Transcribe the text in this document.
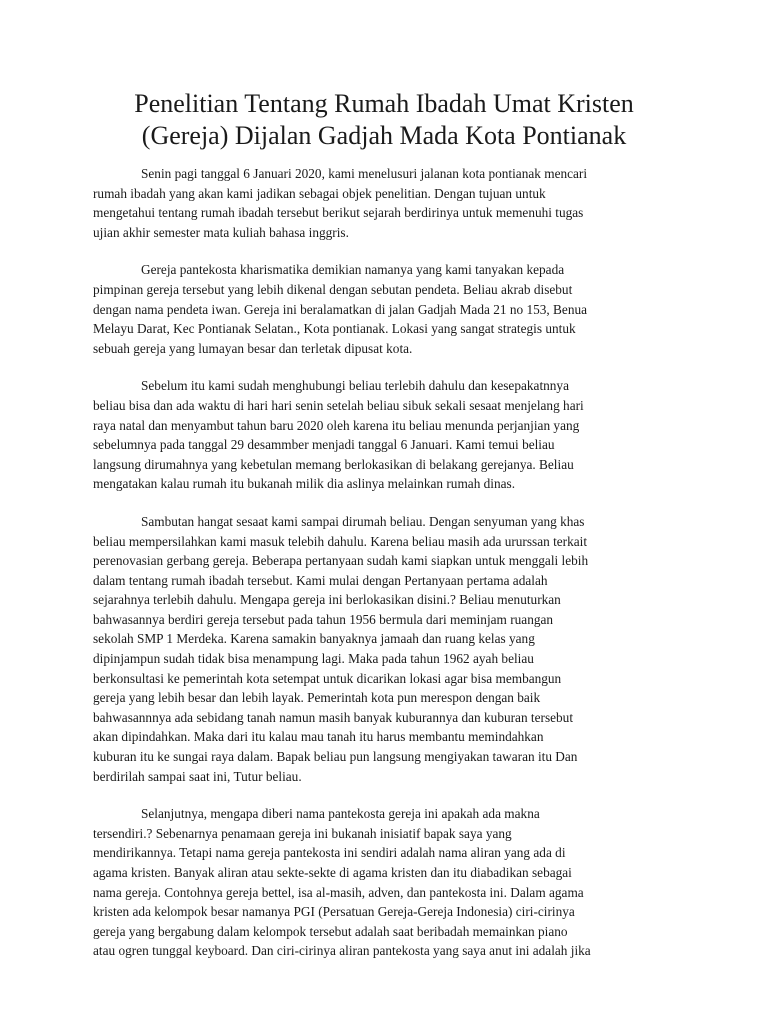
Penelitian Tentang Rumah Ibadah Umat Kristen
(Gereja) Dijalan Gadjah Mada Kota Pontianak

Senin pagi tanggal 6 Januari 2020, kami menelusuri jalanan kota pontianak mencari
rumah ibadah yang akan kami jadikan sebagai objek penelitian. Dengan tujuan untuk
mengetahui tentang rumah ibadah tersebut berikut sejarah berdirinya untuk memenuhi tugas
ujian akhir semester mata kuliah bahasa inggris.

Gereja pantekosta kharismatika demikian namanya yang kami tanyakan kepada
pimpinan gereja tersebut yang lebih dikenal dengan sebutan pendeta. Beliau akrab disebut
dengan nama pendeta iwan. Gereja ini beralamatkan di jalan Gadjah Mada 21 no 153, Benua
Melayu Darat, Kec Pontianak Selatan., Kota pontianak. Lokasi yang sangat strategis untuk
sebuah gereja yang lumayan besar dan terletak dipusat kota.

Sebelum itu kami sudah menghubungi beliau terlebih dahulu dan kesepakatnnya
beliau bisa dan ada waktu di hari hari senin setelah beliau sibuk sekali sesaat menjelang hari
raya natal dan menyambut tahun baru 2020 oleh karena itu beliau menunda perjanjian yang
sebelumnya pada tanggal 29 desammber menjadi tanggal 6 Januari. Kami temui beliau
langsung dirumahnya yang kebetulan memang berlokasikan di belakang gerejanya. Beliau
mengatakan kalau rumah itu bukanah milik dia aslinya melainkan rumah dinas.

Sambutan hangat sesaat kami sampai dirumah beliau. Dengan senyuman yang khas
beliau mempersilahkan kami masuk telebih dahulu. Karena beliau masih ada ururssan terkait
perenovasian gerbang gereja. Beberapa pertanyaan sudah kami siapkan untuk menggali lebih
dalam tentang rumah ibadah tersebut. Kami mulai dengan Pertanyaan pertama adalah
sejarahnya terlebih dahulu. Mengapa gereja ini berlokasikan disini.? Beliau menuturkan
bahwasannya berdiri gereja tersebut pada tahun 1956 bermula dari meminjam ruangan
sekolah SMP 1 Merdeka. Karena samakin banyaknya jamaah dan ruang kelas yang
dipinjampun sudah tidak bisa menampung lagi. Maka pada tahun 1962 ayah beliau
berkonsultasi ke pemerintah kota setempat untuk dicarikan lokasi agar bisa membangun
gereja yang lebih besar dan lebih layak. Pemerintah kota pun merespon dengan baik
bahwasannnya ada sebidang tanah namun masih banyak kuburannya dan kuburan tersebut
akan dipindahkan. Maka dari itu kalau mau tanah itu harus membantu memindahkan
kuburan itu ke sungai raya dalam. Bapak beliau pun langsung mengiyakan tawaran itu Dan
berdirilah sampai saat ini, Tutur beliau.

Selanjutnya, mengapa diberi nama pantekosta gereja ini apakah ada makna
tersendiri.? Sebenarnya penamaan gereja ini bukanah inisiatif bapak saya yang
mendirikannya. Tetapi nama gereja pantekosta ini sendiri adalah nama aliran yang ada di
agama kristen. Banyak aliran atau sekte-sekte di agama kristen dan itu diabadikan sebagai
nama gereja. Contohnya gereja bettel, isa al-masih, adven, dan pantekosta ini. Dalam agama
kristen ada kelompok besar namanya PGI (Persatuan Gereja-Gereja Indonesia) ciri-cirinya
gereja yang bergabung dalam kelompok tersebut adalah saat beribadah memainkan piano
atau ogren tunggal keyboard. Dan ciri-cirinya aliran pantekosta yang saya anut ini adalah jika
